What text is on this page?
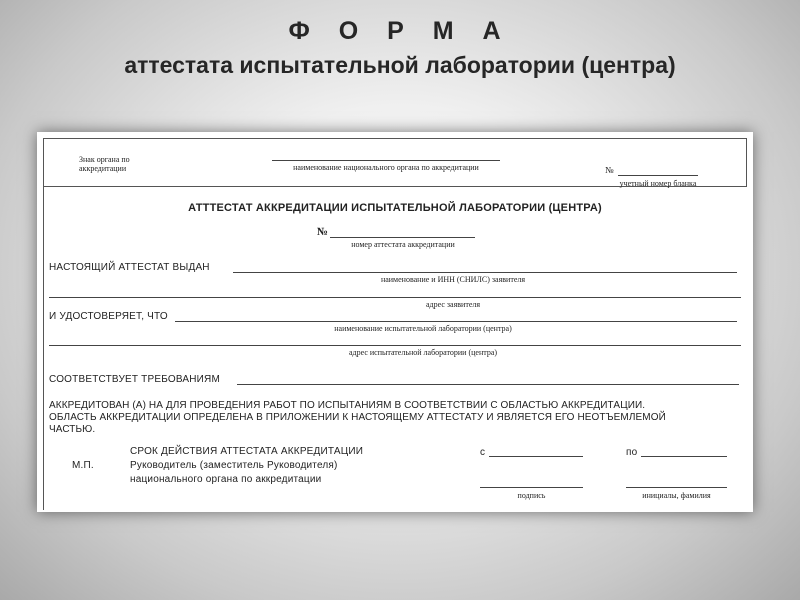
Ф О Р М А
аттестата испытательной лаборатории (центра)
Знак органа по
аккредитации	наименование национального органа по аккредитации	№
учетный номер бланка
АТТТЕСТАТ АККРЕДИТАЦИИ ИСПЫТАТЕЛЬНОЙ ЛАБОРАТОРИИ (ЦЕНТРА)
№
номер аттестата аккредитации
НАСТОЯЩИЙ АТТЕСТАТ ВЫДАН
наименование и ИНН (СНИЛС) заявителя
адрес заявителя
И УДОСТОВЕРЯЕТ, ЧТО
наименование испытательной лаборатории (центра)
адрес испытательной лаборатории (центра)
СООТВЕТСТВУЕТ ТРЕБОВАНИЯМ
АККРЕДИТОВАН (А) НА ДЛЯ ПРОВЕДЕНИЯ РАБОТ ПО ИСПЫТАНИЯМ В СООТВЕТСТВИИ С ОБЛАСТЬЮ АККРЕДИТАЦИИ.
ОБЛАСТЬ АККРЕДИТАЦИИ ОПРЕДЕЛЕНА В ПРИЛОЖЕНИИ К НАСТОЯЩЕМУ АТТЕСТАТУ И ЯВЛЯЕТСЯ ЕГО НЕОТЪЕМЛЕМОЙ
ЧАСТЬЮ.
СРОК ДЕЙСТВИЯ АТТЕСТАТА АККРЕДИТАЦИИ
Руководитель (заместитель Руководителя)
национального органа по аккредитации
М.П.
с	по
подпись	инициалы, фамилия
